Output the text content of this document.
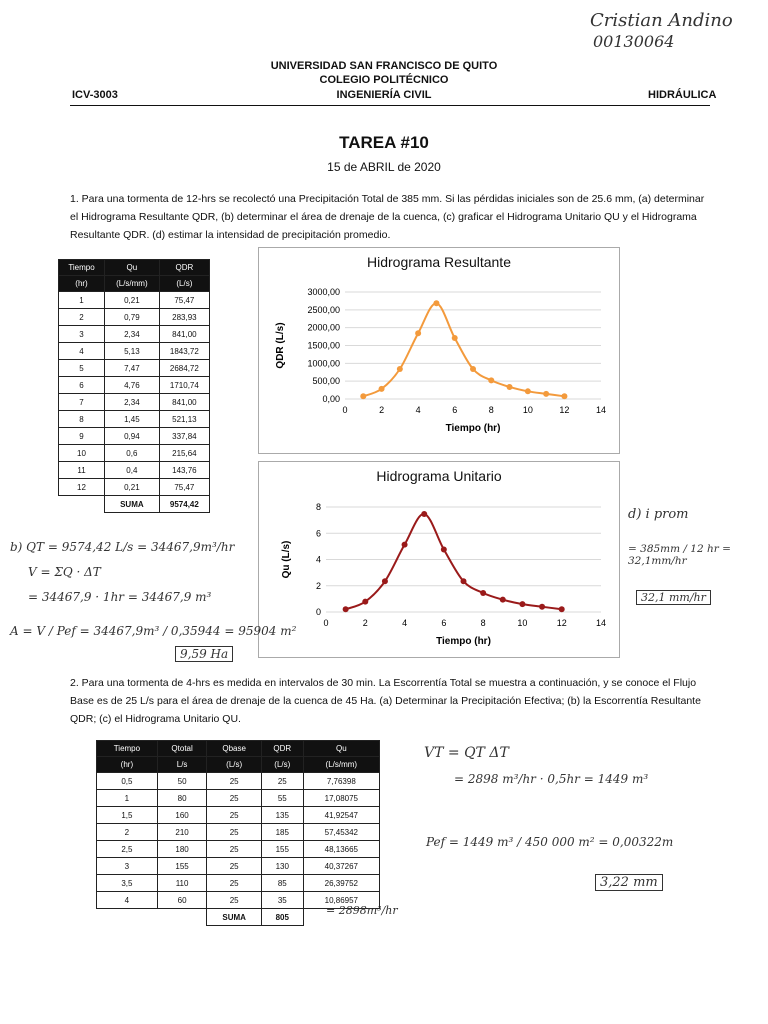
Cristian Andino
00130064
UNIVERSIDAD SAN FRANCISCO DE QUITO
COLEGIO POLITÉCNICO
INGENIERÍA CIVIL
ICV-3003	HIDRÁULICA
TAREA #10
15 de ABRIL de 2020
1. Para una tormenta de 12-hrs se recolectó una Precipitación Total de 385 mm. Si las pérdidas iniciales son de 25.6 mm, (a) determinar el Hidrograma Resultante QDR, (b) determinar el área de drenaje de la cuenca, (c) graficar el Hidrograma Unitario QU y el Hidrograma Resultante QDR. (d) estimar la intensidad de precipitación promedio.
Tiempo	Qu	QDR
(hr)	(L/s/mm)	(L/s)
1	0,21	75,47
2	0,79	283,93
3	2,34	841,00
4	5,13	1843,72
5	7,47	2684,72
6	4,76	1710,74
7	2,34	841,00
8	1,45	521,13
9	0,94	337,84
10	0,6	215,64
11	0,4	143,76
12	0,21	75,47
	SUMA	9574,42
Hidrograma Resultante
0,00
500,00
1000,00
1500,00
2000,00
2500,00
3000,00
0	2	4	6	8	10	12	14
Tiempo (hr)
QDR (L/s)
Hidrograma Unitario
0
2
4
6
8
0	2	4	6	8	10	12	14
Tiempo (hr)
Qu (L/s)
b) QT = 9574,42 L/s = 34467,9m³/hr
V = ΣQ · ΔT
= 34467,9 · 1hr = 34467,9 m³
A = V / Pef = 34467,9m³ / 0,35944 = 95904 m²
9,59 Ha
d) i prom
= 385mm / 12 hr = 32,1mm/hr
32,1 mm/hr
2. Para una tormenta de 4-hrs es medida en intervalos de 30 min. La Escorrentía Total se muestra a continuación, y se conoce el Flujo Base es de 25 L/s para el área de drenaje de la cuenca de 45 Ha. (a) Determinar la Precipitación Efectiva; (b) la Escorrentía Resultante QDR; (c) el Hidrograma Unitario QU.
Tiempo	Qtotal	Qbase	QDR	Qu
(hr)	L/s	(L/s)	(L/s)	(L/s/mm)
0,5	50	25	25	7,76398
1	80	25	55	17,08075
1,5	160	25	135	41,92547
2	210	25	185	57,45342
2,5	180	25	155	48,13665
3	155	25	130	40,37267
3,5	110	25	85	26,39752
4	60	25	35	10,86957
		SUMA	805		= 2898m³/hr
VT = QT ΔT
= 2898 m³/hr · 0,5hr = 1449 m³
Pef = 1449 m³ / 450 000 m² = 0,00322m
3,22 mm
